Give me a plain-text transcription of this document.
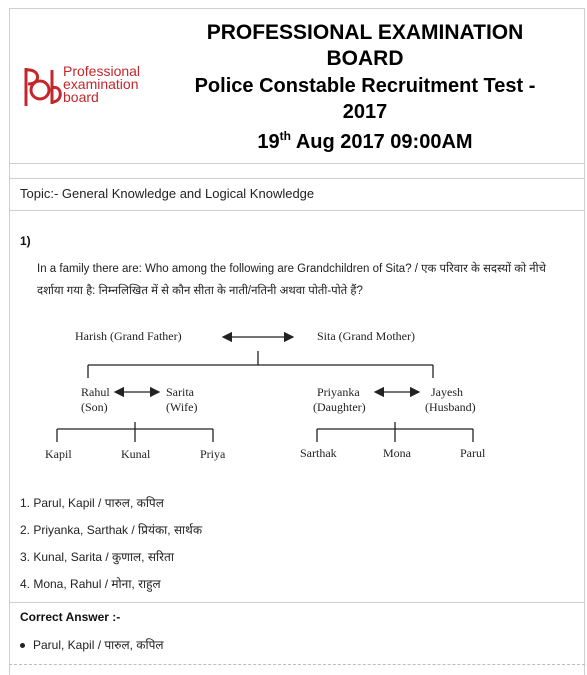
Professional
examination
board
PROFESSIONAL EXAMINATION
BOARD
Police Constable Recruitment Test -
2017
19th Aug 2017 09:00AM
Topic:- General Knowledge and Logical Knowledge
1)
In a family there are: Who among the following are Grandchildren of Sita? / एक परिवार के सदस्यों को नीचे दर्शाया गया है: निम्नलिखित में से कौन सीता के नाती/नतिनी अथवा पोती-पोते हैं?
Harish (Grand Father)	Sita (Grand Mother)
Rahul
(Son)
Sarita
(Wife)
Priyanka
(Daughter)
Jayesh
(Husband)
Kapil	Kunal	Priya	Sarthak	Mona	Parul
1. Parul, Kapil / पारुल, कपिल
2. Priyanka, Sarthak / प्रियंका, सार्थक
3. Kunal, Sarita / कुणाल, सरिता
4. Mona, Rahul / मोना, राहुल
Correct Answer :-
Parul, Kapil / पारुल, कपिल
